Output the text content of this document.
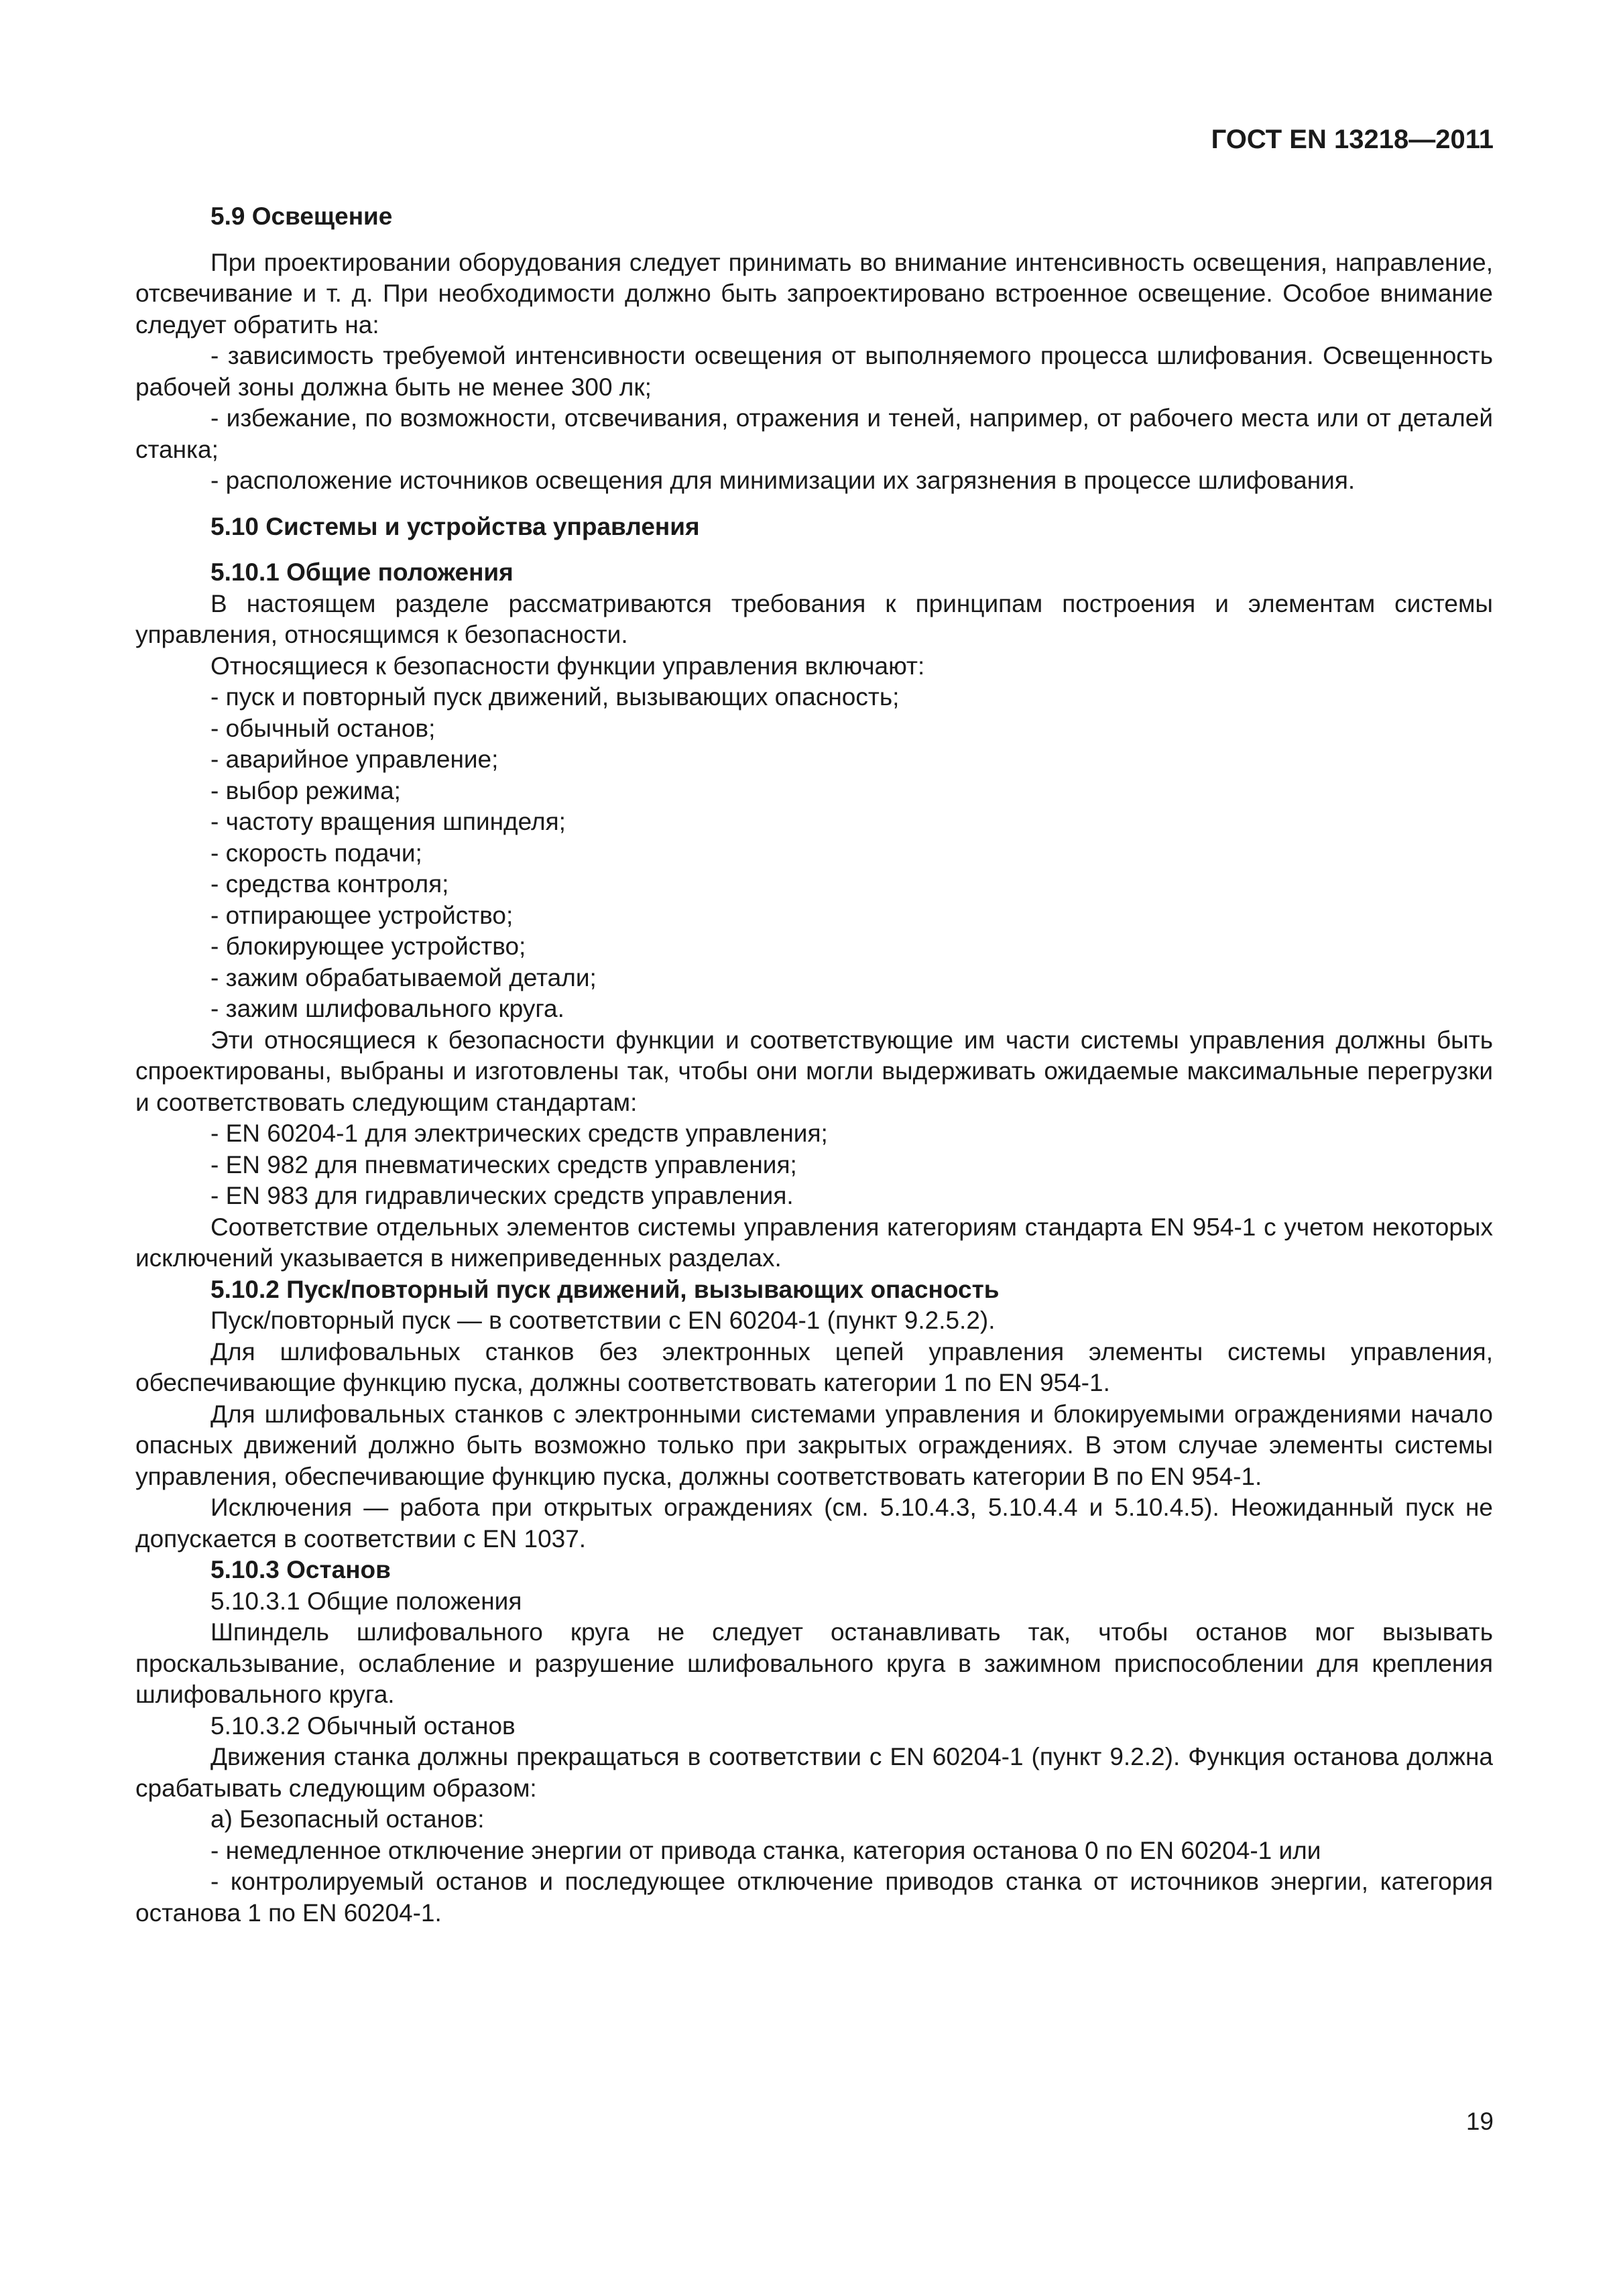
ГОСТ EN 13218—2011

5.9 Освещение

При проектировании оборудования следует принимать во внимание интенсивность освещения, направление, отсвечивание и т. д. При необходимости должно быть запроектировано встроенное освещение. Особое внимание следует обратить на:

- зависимость требуемой интенсивности освещения от выполняемого процесса шлифования. Освещенность рабочей зоны должна быть не менее 300 лк;

- избежание, по возможности, отсвечивания, отражения и теней, например, от рабочего места или от деталей станка;

- расположение источников освещения для минимизации их загрязнения в процессе шлифования.

5.10 Системы и устройства управления

5.10.1 Общие положения

В настоящем разделе рассматриваются требования к принципам построения и элементам системы управления, относящимся к безопасности.

Относящиеся к безопасности функции управления включают:

- пуск и повторный пуск движений, вызывающих опасность;

- обычный останов;

- аварийное управление;

- выбор режима;

- частоту вращения шпинделя;

- скорость подачи;

- средства контроля;

- отпирающее устройство;

- блокирующее устройство;

- зажим обрабатываемой детали;

- зажим шлифовального круга.

Эти относящиеся к безопасности функции и соответствующие им части системы управления должны быть спроектированы, выбраны и изготовлены так, чтобы они могли выдерживать ожидаемые максимальные перегрузки и соответствовать следующим стандартам:

- EN 60204-1 для электрических средств управления;

- EN 982 для пневматических средств управления;

- EN 983 для гидравлических средств управления.

Соответствие отдельных элементов системы управления категориям стандарта EN 954-1 с учетом некоторых исключений указывается в нижеприведенных разделах.

5.10.2 Пуск/повторный пуск движений, вызывающих опасность

Пуск/повторный пуск — в соответствии с EN 60204-1 (пункт 9.2.5.2).

Для шлифовальных станков без электронных цепей управления элементы системы управления, обеспечивающие функцию пуска, должны соответствовать категории 1 по EN 954-1.

Для шлифовальных станков с электронными системами управления и блокируемыми ограждениями начало опасных движений должно быть возможно только при закрытых ограждениях. В этом случае элементы системы управления, обеспечивающие функцию пуска, должны соответствовать категории В по EN 954-1.

Исключения — работа при открытых ограждениях (см. 5.10.4.3, 5.10.4.4 и 5.10.4.5). Неожиданный пуск не допускается в соответствии с EN 1037.

5.10.3 Останов

5.10.3.1 Общие положения

Шпиндель шлифовального круга не следует останавливать так, чтобы останов мог вызывать проскальзывание, ослабление и разрушение шлифовального круга в зажимном приспособлении для крепления шлифовального круга.

5.10.3.2 Обычный останов

Движения станка должны прекращаться в соответствии с EN 60204-1 (пункт 9.2.2). Функция останова должна срабатывать следующим образом:

а) Безопасный останов:

- немедленное отключение энергии от привода станка, категория останова 0 по EN 60204-1 или

- контролируемый останов и последующее отключение приводов станка от источников энергии, категория останова 1 по EN 60204-1.

19
